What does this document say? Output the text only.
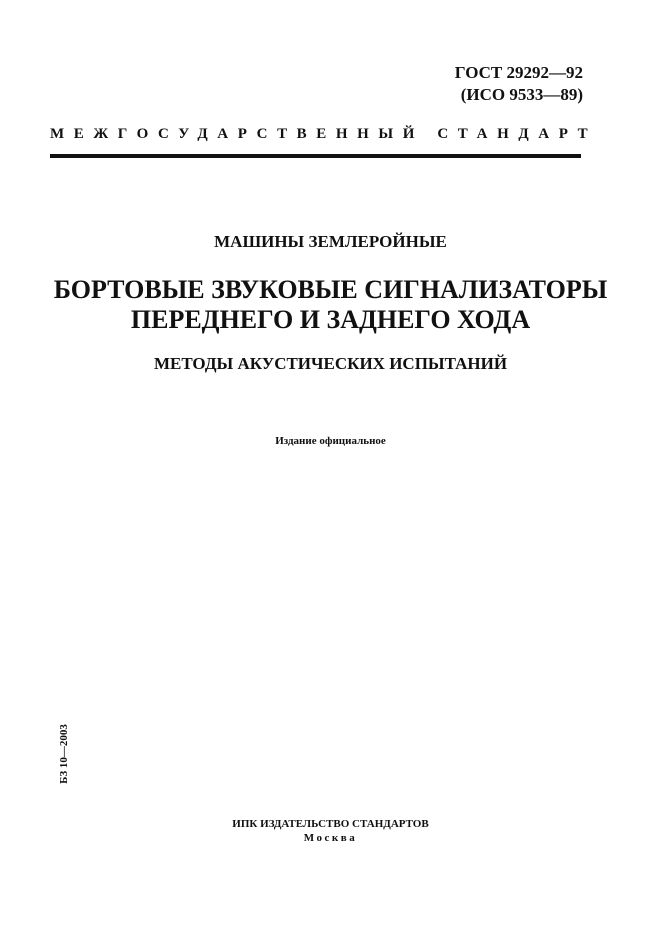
ГОСТ 29292—92
(ИСО 9533—89)
МЕЖГОСУДАРСТВЕННЫЙ СТАНДАРТ
МАШИНЫ ЗЕМЛЕРОЙНЫЕ
БОРТОВЫЕ ЗВУКОВЫЕ СИГНАЛИЗАТОРЫ
ПЕРЕДНЕГО И ЗАДНЕГО ХОДА
МЕТОДЫ АКУСТИЧЕСКИХ ИСПЫТАНИЙ
Издание официальное
БЗ 10—2003
ИПК ИЗДАТЕЛЬСТВО СТАНДАРТОВ
Москва
